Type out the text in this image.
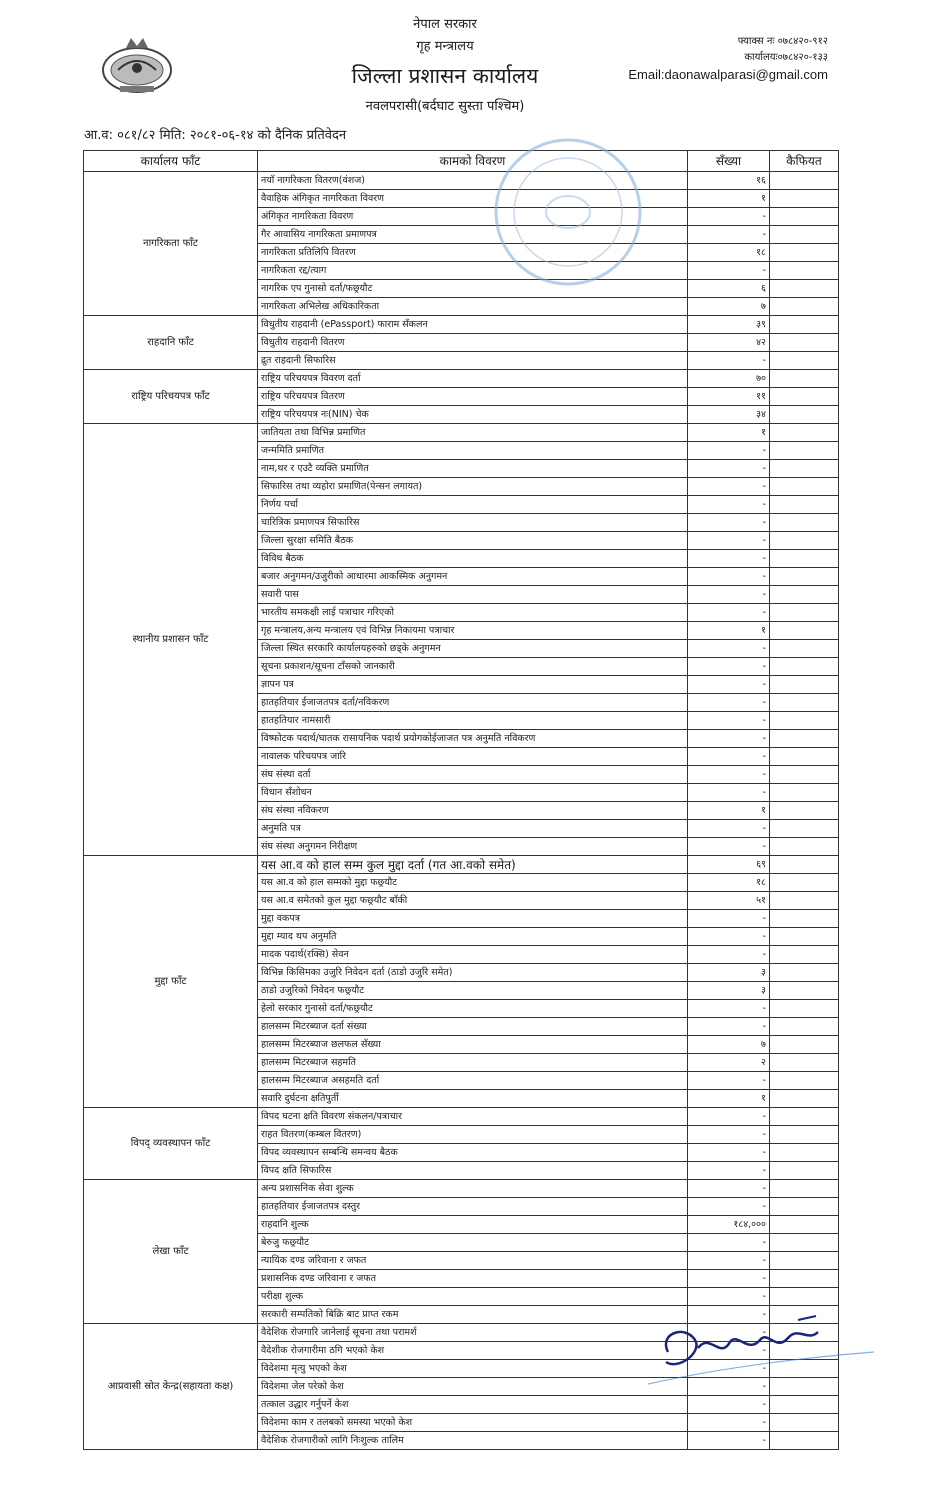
नेपाल सरकार
गृह मन्त्रालय
जिल्ला प्रशासन कार्यालय
नवलपरासी(बर्दघाट सुस्ता पश्चिम)
फ्याक्स नः ०७८४२०-९१२
कार्यालयः०७८४२०-१३३
Email:daonawalparasi@gmail.com
आ.व: ०८१/८२ मिति: २०८१-०६-१४ को दैनिक प्रतिवेदन
कार्यालय फाँट	कामको विवरण	सँख्या	कैफियत
नागरिकता फाँट	नयाँ नागरिकता वितरण(वंशज)	१६	
	वैवाहिक अंगिकृत नागरिकता विवरण	१	
	अंगिकृत नागरिकता विवरण	-	
	गैर आवासिय नागरिकता प्रमाणपत्र	-	
	नागरिकता प्रतिलिपि वितरण	१८	
	नागरिकता रद्द/त्याग	-	
	नागरिक एप गुनासो दर्ता/फछ्र्यौट	६	
	नागरिकता अभिलेख अधिकारिकता	७	
राहदानि फाँट	विधुतीय राहदानी (ePassport) फाराम सँकलन	३९	
	विधुतीय राहदानी वितरण	४२	
	द्रुत राहदानी सिफारिस	-	
राष्ट्रिय परिचयपत्र फाँट	राष्ट्रिय परिचयपत्र विवरण दर्ता	७०	
	राष्ट्रिय परिचयपत्र वितरण	११	
	राष्ट्रिय परिचयपत्र नः(NIN) चेक	३४	
स्थानीय प्रशासन फाँट	जातियता तथा विभिन्न प्रमाणित	१	
	जन्ममिति प्रमाणित	-	
	नाम,थर र एउटै व्यक्ति प्रमाणित	-	
	सिफारिस तथा व्यहोरा प्रमाणित(पेन्सन लगायत)	-	
	निर्णय पर्चा	-	
	चारित्रिक प्रमाणपत्र सिफारिस	-	
	जिल्ला सुरक्षा समिति बैठक	-	
	विविध बैठक	-	
	बजार अनुगमन/उजुरीको आधारमा आकस्मिक अनुगमन	-	
	सवारी पास	-	
	भारतीय समकक्षी लाई पत्राचार गरिएको	-	
	गृह मन्त्रालय,अन्य मन्त्रालय एवं विभिन्न निकायमा पत्राचार	१	
	जिल्ला स्थित सरकारि कार्यालयहरुको छड्के अनुगमन	-	
	सूचना प्रकाशन/सूचना टाँसको जानकारी	-	
	ज्ञापन पत्र	-	
	हातहतियार ईजाजतपत्र दर्ता/नविकरण	-	
	हातहतियार नामसारी	-	
	विष्फोटक पदार्थ/घातक रासायनिक पदार्थ प्रयोगकोईजाजत पत्र अनुमति नविकरण	-	
	नावालक परिचयपत्र जारि	-	
	संघ संस्था दर्ता	-	
	विधान सँशोधन	-	
	संघ संस्था नविकरण	१	
	अनुमति पत्र	-	
	संघ संस्था अनुगमन निरीक्षण	-	
मुद्दा फाँट	यस आ.व को हाल सम्म कुल मुद्दा दर्ता (गत आ.वको समेत)	६९	
	यस आ.व को हाल सम्मको मुद्दा फछ्र्यौट	१८	
	यस आ.व समेतको कुल मुद्दा फछ्र्यौट बाँकी	५१	
	मुद्दा वकपत्र	-	
	मुद्दा म्याद थप अनुमति	-	
	मादक पदार्थ(रक्सि) सेवन	-	
	विभिन्न किसिमका उजुरि निवेदन दर्ता (ठाडो उजुरि समेत)	३	
	ठाडो उजुरिको निवेदन फछ्र्यौट	३	
	हेलो सरकार गुनासो दर्ता/फछ्र्यौट	-	
	हालसम्म मिटरब्याज दर्ता संख्या	-	
	हालसम्म मिटरब्याज छलफल सँख्या	७	
	हालसम्म मिटरब्याज सहमति	२	
	हालसम्म मिटरब्याज असहमति दर्ता	-	
	सवारि दुर्घटना क्षतिपुर्ती	१	
विपद् व्यवस्थापन फाँट	विपद घटना क्षति विवरण संकलन/पत्राचार	-	
	राहत वितरण(कम्बल वितरण)	-	
	विपद व्यवस्थापन सम्बन्धि समन्वय बैठक	-	
	विपद क्षति सिफारिस	-	
लेखा फाँट	अन्य प्रशासनिक सेवा शुल्क	-	
	हातहतियार ईजाजतपत्र दस्तुर	-	
	राहदानि शुल्क	१८४,०००	
	बेरुजु फछ्र्यौट	-	
	न्यायिक दण्ड जरिवाना र जफत	-	
	प्रशासनिक दण्ड जरिवाना र जफत	-	
	परीक्षा शुल्क	-	
	सरकारी सम्पतिको बिक्रि बाट प्राप्त रकम	-	
आप्रवासी स्रोत केन्द्र(सहायता कक्ष)	वैदेशिक रोजगारि जानेलाई सूचना तथा परामर्श	-	
	वैदेशीक रोजगारीमा ठगि भएको केश	-	
	विदेशमा मृत्यु भएको केश	-	
	विदेशमा जेल परेको केश	-	
	तत्काल उद्धार गर्नुपर्ने केश	-	
	विदेशमा काम र तलबको समस्या भएको केश	-	
	वैदेशिक रोजगारीको लागि निःशुल्क तालिम	-	
